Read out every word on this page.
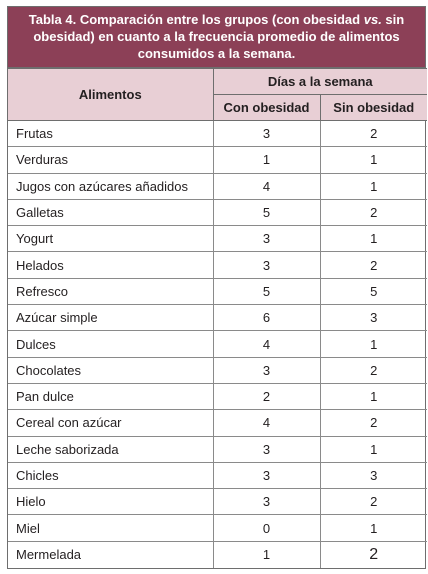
Tabla 4. Comparación entre los grupos (con obesidad vs. sin obesidad) en cuanto a la frecuencia promedio de alimentos consumidos a la semana.
Alimentos	Días a la semana	
	Con obesidad	Sin obesidad
Frutas	3	2
Verduras	1	1
Jugos con azúcares añadidos	4	1
Galletas	5	2
Yogurt	3	1
Helados	3	2
Refresco	5	5
Azúcar simple	6	3
Dulces	4	1
Chocolates	3	2
Pan dulce	2	1
Cereal con azúcar	4	2
Leche saborizada	3	1
Chicles	3	3
Hielo	3	2
Miel	0	1
Mermelada	1	2
